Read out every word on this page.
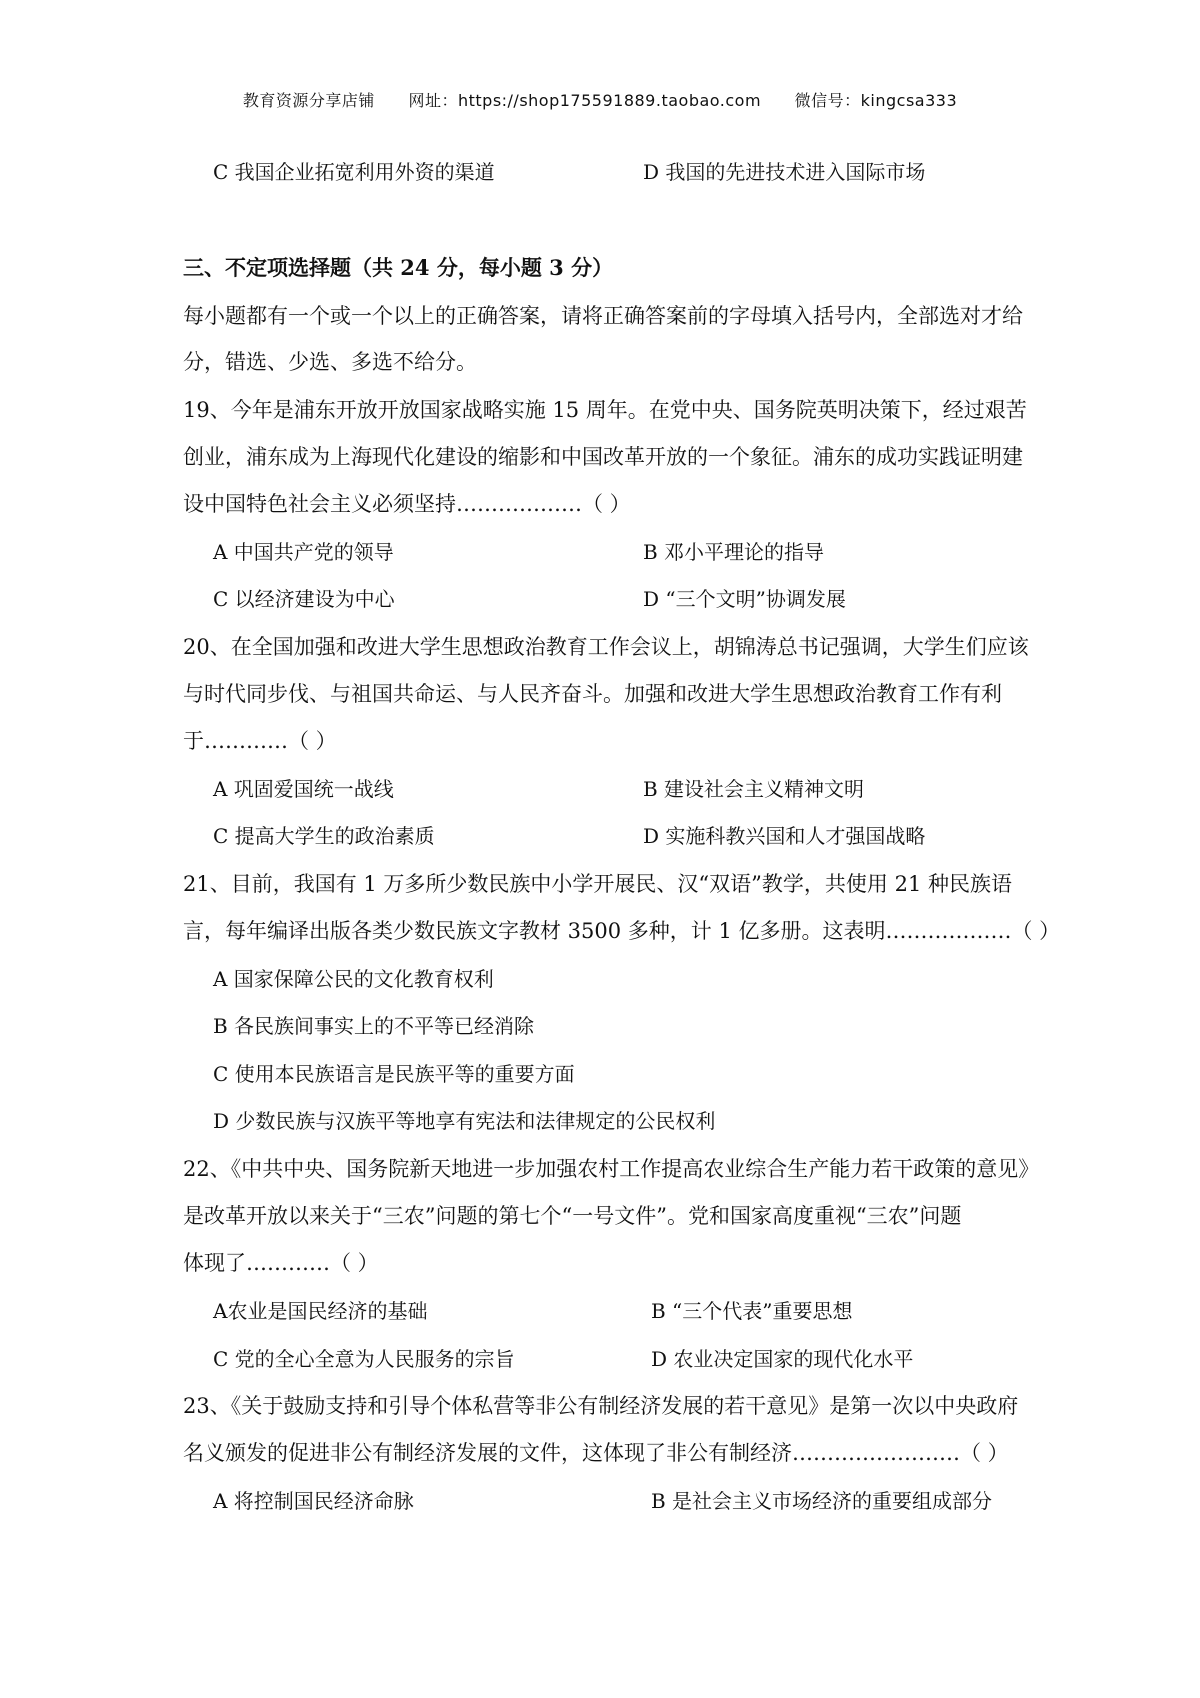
教育资源分享店铺 网址：https://shop175591889.taobao.com 微信号：kingcsa333
C 我国企业拓宽利用外资的渠道	D 我国的先进技术进入国际市场
三、不定项选择题（共 24 分，每小题 3 分）
每小题都有一个或一个以上的正确答案，请将正确答案前的字母填入括号内，全部选对才给
分，错选、少选、多选不给分。
19、今年是浦东开放开放国家战略实施 15 周年。在党中央、国务院英明决策下，经过艰苦
创业，浦东成为上海现代化建设的缩影和中国改革开放的一个象征。浦东的成功实践证明建
设中国特色社会主义必须坚持………………（ ）
A 中国共产党的领导	B 邓小平理论的指导
C 以经济建设为中心	D “三个文明”协调发展
20、在全国加强和改进大学生思想政治教育工作会议上，胡锦涛总书记强调，大学生们应该
与时代同步伐、与祖国共命运、与人民齐奋斗。加强和改进大学生思想政治教育工作有利
于…………（ ）
A 巩固爱国统一战线	B 建设社会主义精神文明
C 提高大学生的政治素质	D 实施科教兴国和人才强国战略
21、目前，我国有 1 万多所少数民族中小学开展民、汉“双语”教学，共使用 21 种民族语
言，每年编译出版各类少数民族文字教材 3500 多种，计 1 亿多册。这表明………………（ ）
A 国家保障公民的文化教育权利
B 各民族间事实上的不平等已经消除
C 使用本民族语言是民族平等的重要方面
D 少数民族与汉族平等地享有宪法和法律规定的公民权利
22、《中共中央、国务院新天地进一步加强农村工作提高农业综合生产能力若干政策的意见》
是改革开放以来关于“三农”问题的第七个“一号文件”。党和国家高度重视“三农”问题
体现了…………（ ）
A农业是国民经济的基础	B “三个代表”重要思想
C 党的全心全意为人民服务的宗旨	D 农业决定国家的现代化水平
23、《关于鼓励支持和引导个体私营等非公有制经济发展的若干意见》是第一次以中央政府
名义颁发的促进非公有制经济发展的文件，这体现了非公有制经济……………………（ ）
A 将控制国民经济命脉	B 是社会主义市场经济的重要组成部分
